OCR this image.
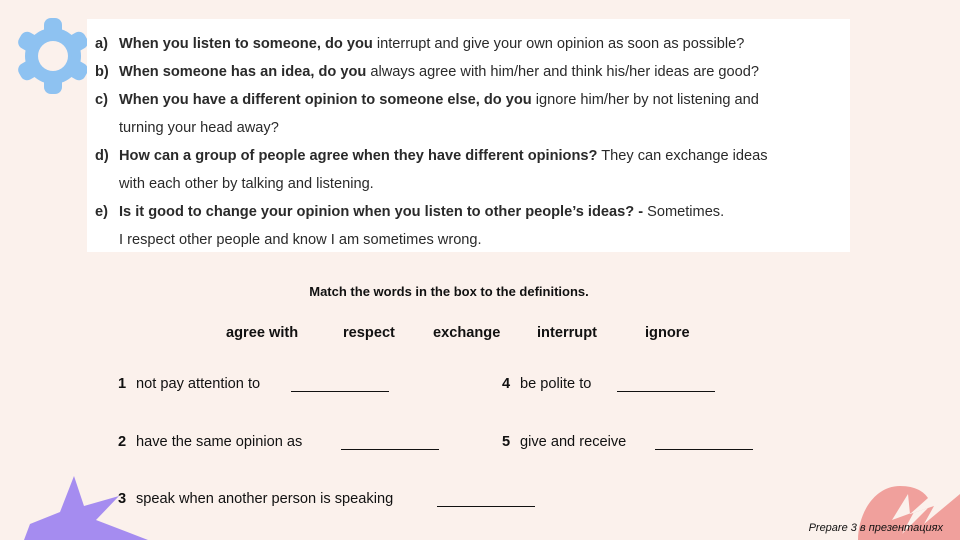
a) When you listen to someone, do you interrupt and give your own opinion as soon as possible?
b) When someone has an idea, do you always agree with him/her and think his/her ideas are good?
c) When you have a different opinion to someone else, do you ignore him/her by not listening and
turning your head away?
d) How can a group of people agree when they have different opinions? They can exchange ideas
with each other by talking and listening.
e) Is it good to change your opinion when you listen to other people’s ideas? - Sometimes.
I respect other people and know I am sometimes wrong.
Match the words in the box to the definitions.
agree with	respect	exchange	interrupt	ignore
1 not pay attention to
2 have the same opinion as
3 speak when another person is speaking
4 be polite to
5 give and receive
Prepare 3 в презентациях
